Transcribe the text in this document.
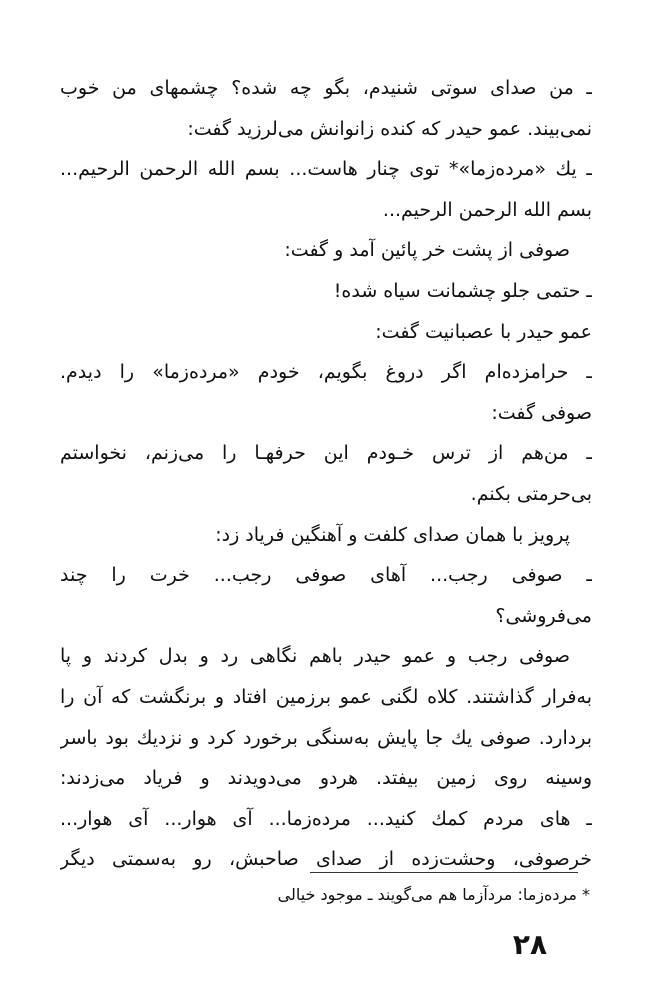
ـ من صدای سوتی شنیدم، بگو چه شده؟ چشمهای من خوب
نمی‌بیند. عمو حیدر که کنده زانوانش می‌لرزید گفت:
ـ یك «مرده‌زما»* توی چنار هاست... بسم الله الرحمن الرحیم...
بسم الله الرحمن الرحیم...
صوفی از پشت خر پائین آمد و گفت:
ـ حتمی جلو چشمانت سیاه شده!
عمو حیدر با عصبانیت گفت:
ـ حرامزده‌ام اگر دروغ بگویم، خودم «مرده‌زما» را دیدم.
صوفی گفت:
ـ من‌هم از ترس خـودم این حرفهـا را می‌زنم، نخواستم
بی‌حرمتی بکنم.
پرویز با همان صدای کلفت و آهنگین فریاد زد:
ـ صوفی رجب... آهای صوفی رجب... خرت را چند
می‌فروشی؟
صوفی رجب و عمو حیدر باهم نگاهی رد و بدل کردند و پا
به‌فرار گذاشتند. کلاه لگنی عمو برزمین افتاد و برنگشت که آن را
بردارد. صوفی یك جا پایش به‌سنگی برخورد کرد و نزدیك بود باسر
وسینه روی زمین بیفتد. هردو می‌دویدند و فریاد می‌زدند:
ـ های مردم کمك کنید... مرده‌زما... آی هوار... آی هوار...
خرصوفی، وحشت‌زده از صدای صاحبش، رو به‌سمتی دیگر
* مرده‌زما: مردآزما هم می‌گویند ـ موجود خیالی
۲۸
